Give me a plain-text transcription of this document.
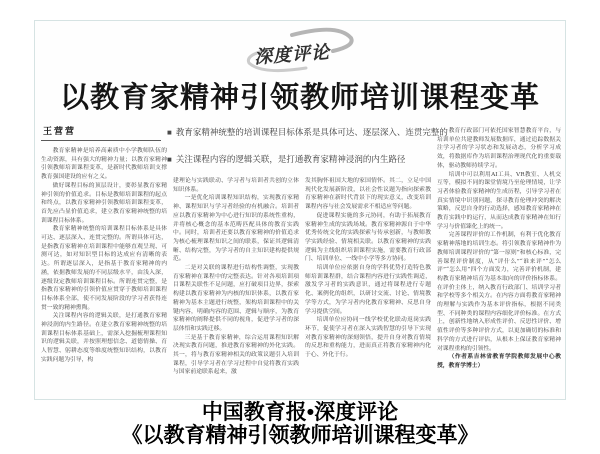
深度评论
以教育家精神引领教师培训课程变革
王营营	■ 教育家精神统整的培训课程目标体系是具体可达、逐层深入、连贯完整的

■ 关注课程内容的逻辑关联，是打通教育家精神浸润的内生路径

教育家精神是培养高素质中小学教师队伍的生动资源，具有强大的精神力量；以教育家精神引领教师培训课程变革，是新时代教师培训支撑教育强国建设的应有之义。

做好课程目标的顶层设计，要彰显教育家精神引领的价值追求。目标是教师培训课程的起点和终点，以教育家精神引领教师培训课程变革，首先应凸显价值追求，建立教育家精神统整的培训课程目标体系。

教育家精神统整的培训课程目标体系是具体可达、逐层深入、连贯完整的。所谓具体可达，是指教育家精神在培训课程中能够直观呈现、可测可达，如对知识型目标的达成应有清晰的表达。所谓逐层深入，是指基于教育家精神的内涵，依据教师发展的不同层级水平，由浅入深，逐级设定教师培训课程目标。所谓连贯完整，是指教育家精神的引领价值应贯穿于教师培训课程目标体系全部，使不同发展阶段的学习者获得连贯一致的精神熏陶。

关注课程内容的逻辑关联，是打通教育家精神浸润的内生路径。在建立教育家精神统整的培训课程目标体系基础上，需深入挖掘梳理课程知识的逻辑关联，并按照理想信念、道德情操、育人智慧、躬耕态度等维度统整知识结构，以教育实践问题为引导，构

建理论与实践联动、学习者与培训者共创的立体知识体系。

一是优化培训课程知识结构，实现教育家精神、课程知识与学习者经验的有机融合。培训者应以教育家精神为中心进行知识的系统性重构，并将核心概念的基本范畴匹配具体的教育实践中。同时，培训者还要以教育家精神的价值追求为核心梳理课程知识之间的联系，保证其逻辑清晰、结构完整，为学习者的自主知识建构提供规范。

二是对关联的课程进行结构性调整，实现教育家精神在课程中的完整表达。针对各项培训项目课程关联性不足问题，应打破项目边界，探索构建以教育家精神为内核的知识体系，以教育家精神为基本主题进行统整，架构培训课程中的关键内容，明确内容的范围、逻辑与顺序，为教育家精神的阐释提供不同的视角，促进学习者的深层体悟和实践迁移。

三是基于教育家精神，综合运用课程知识解决现实教育问题，推进教育家精神的外化实践。其一，将与教育家精神相关的政策议题引入培训课程，引导学习者在学习过程中自觉将教育实践与国家前途联系起来，激

发其胸怀祖国大地的家国情怀。其二，立足中国现代化发展新阶段，以社会性议题为指向探索教育家精神在新时代背景下的现实意义，改变培训课程内容与社会发展需求不相适应等问题。

促进课程实施的多元协同，有助于拓展教育家精神生成的实践场域。教育家精神源自于中华优秀传统文化的实践探索与传承创新，与教师教学实践经验、情境相关联。以教育家精神的实践逻辑为主线组织培训课程实施，需要教育行政部门、培训单位、一线中小学等多方协同。

培训单位应依据自身的学科优势打造特色教师培训课程群，结合课程内容进行实践性调适，激发学习者的实践意识，通过将课程进行专题化、案例化的组织，以研讨交流、讨论、情境教学等方式，为学习者内化教育家精神、反思自身学习提供空间。

培训单位应协同一线学校优化联动返岗实践环节，促使学习者在深入实践智慧的引导下实现对教育家精神的深刻领悟，提升自身对教育情境的反思和重构能力，进而真正将教育家精神内化于心、外化于行。

教育行政部门可依托国家智慧教育平台，与培训单位共建教师发展数据库，通过追踪数据关注学习者的学习状态和发展动态，分析学习成效，将数据库作为培训课程治理现代化的重要载体，驱动教师持续学习。

培训中可以利用AI工具、VR教室、人机交互等，模拟不同的课堂情境乃至伦理情境，让学习者体验教育家精神的生成历程，引导学习者在真实情境中识别问题，探寻教育伦理冲突的解决策略，反思自身的行动选择，感知教育家精神在教育实践中的运行，从而达成教育家精神在知行学习与价值臻化上的统一。

完善课程评价的工作机制，有利于优化教育家精神落地的培训生态。将引领教育家精神作为教师培训课程评价的“第一原则”和核心标准，完善课程评价制度，从“评什么”“谁来评”“怎么评”“怎么用”四个方面发力，完善评价机制，建构教育家精神培育为基本取向的评价指标体系。在评价主体上，纳入教育行政部门、培训学习者和学校等多个相关方。在内容方面将教育家精神的理解与实践作为基本评价指标，根据不同类型、不同种类的课程内容细化评价标准。在方式上，创新性地纳入形成性评价、反思性评价、增值性评价等多种评价方式，以更加确切的标准和科学的方式进行评估，从根本上保证教育家精神对课程重构的引领性。

（作者系吉林省教育学院教师发展中心教授，教育学博士）

中国教育报•深度评论
《以教育精神引领教师培训课程变革》
